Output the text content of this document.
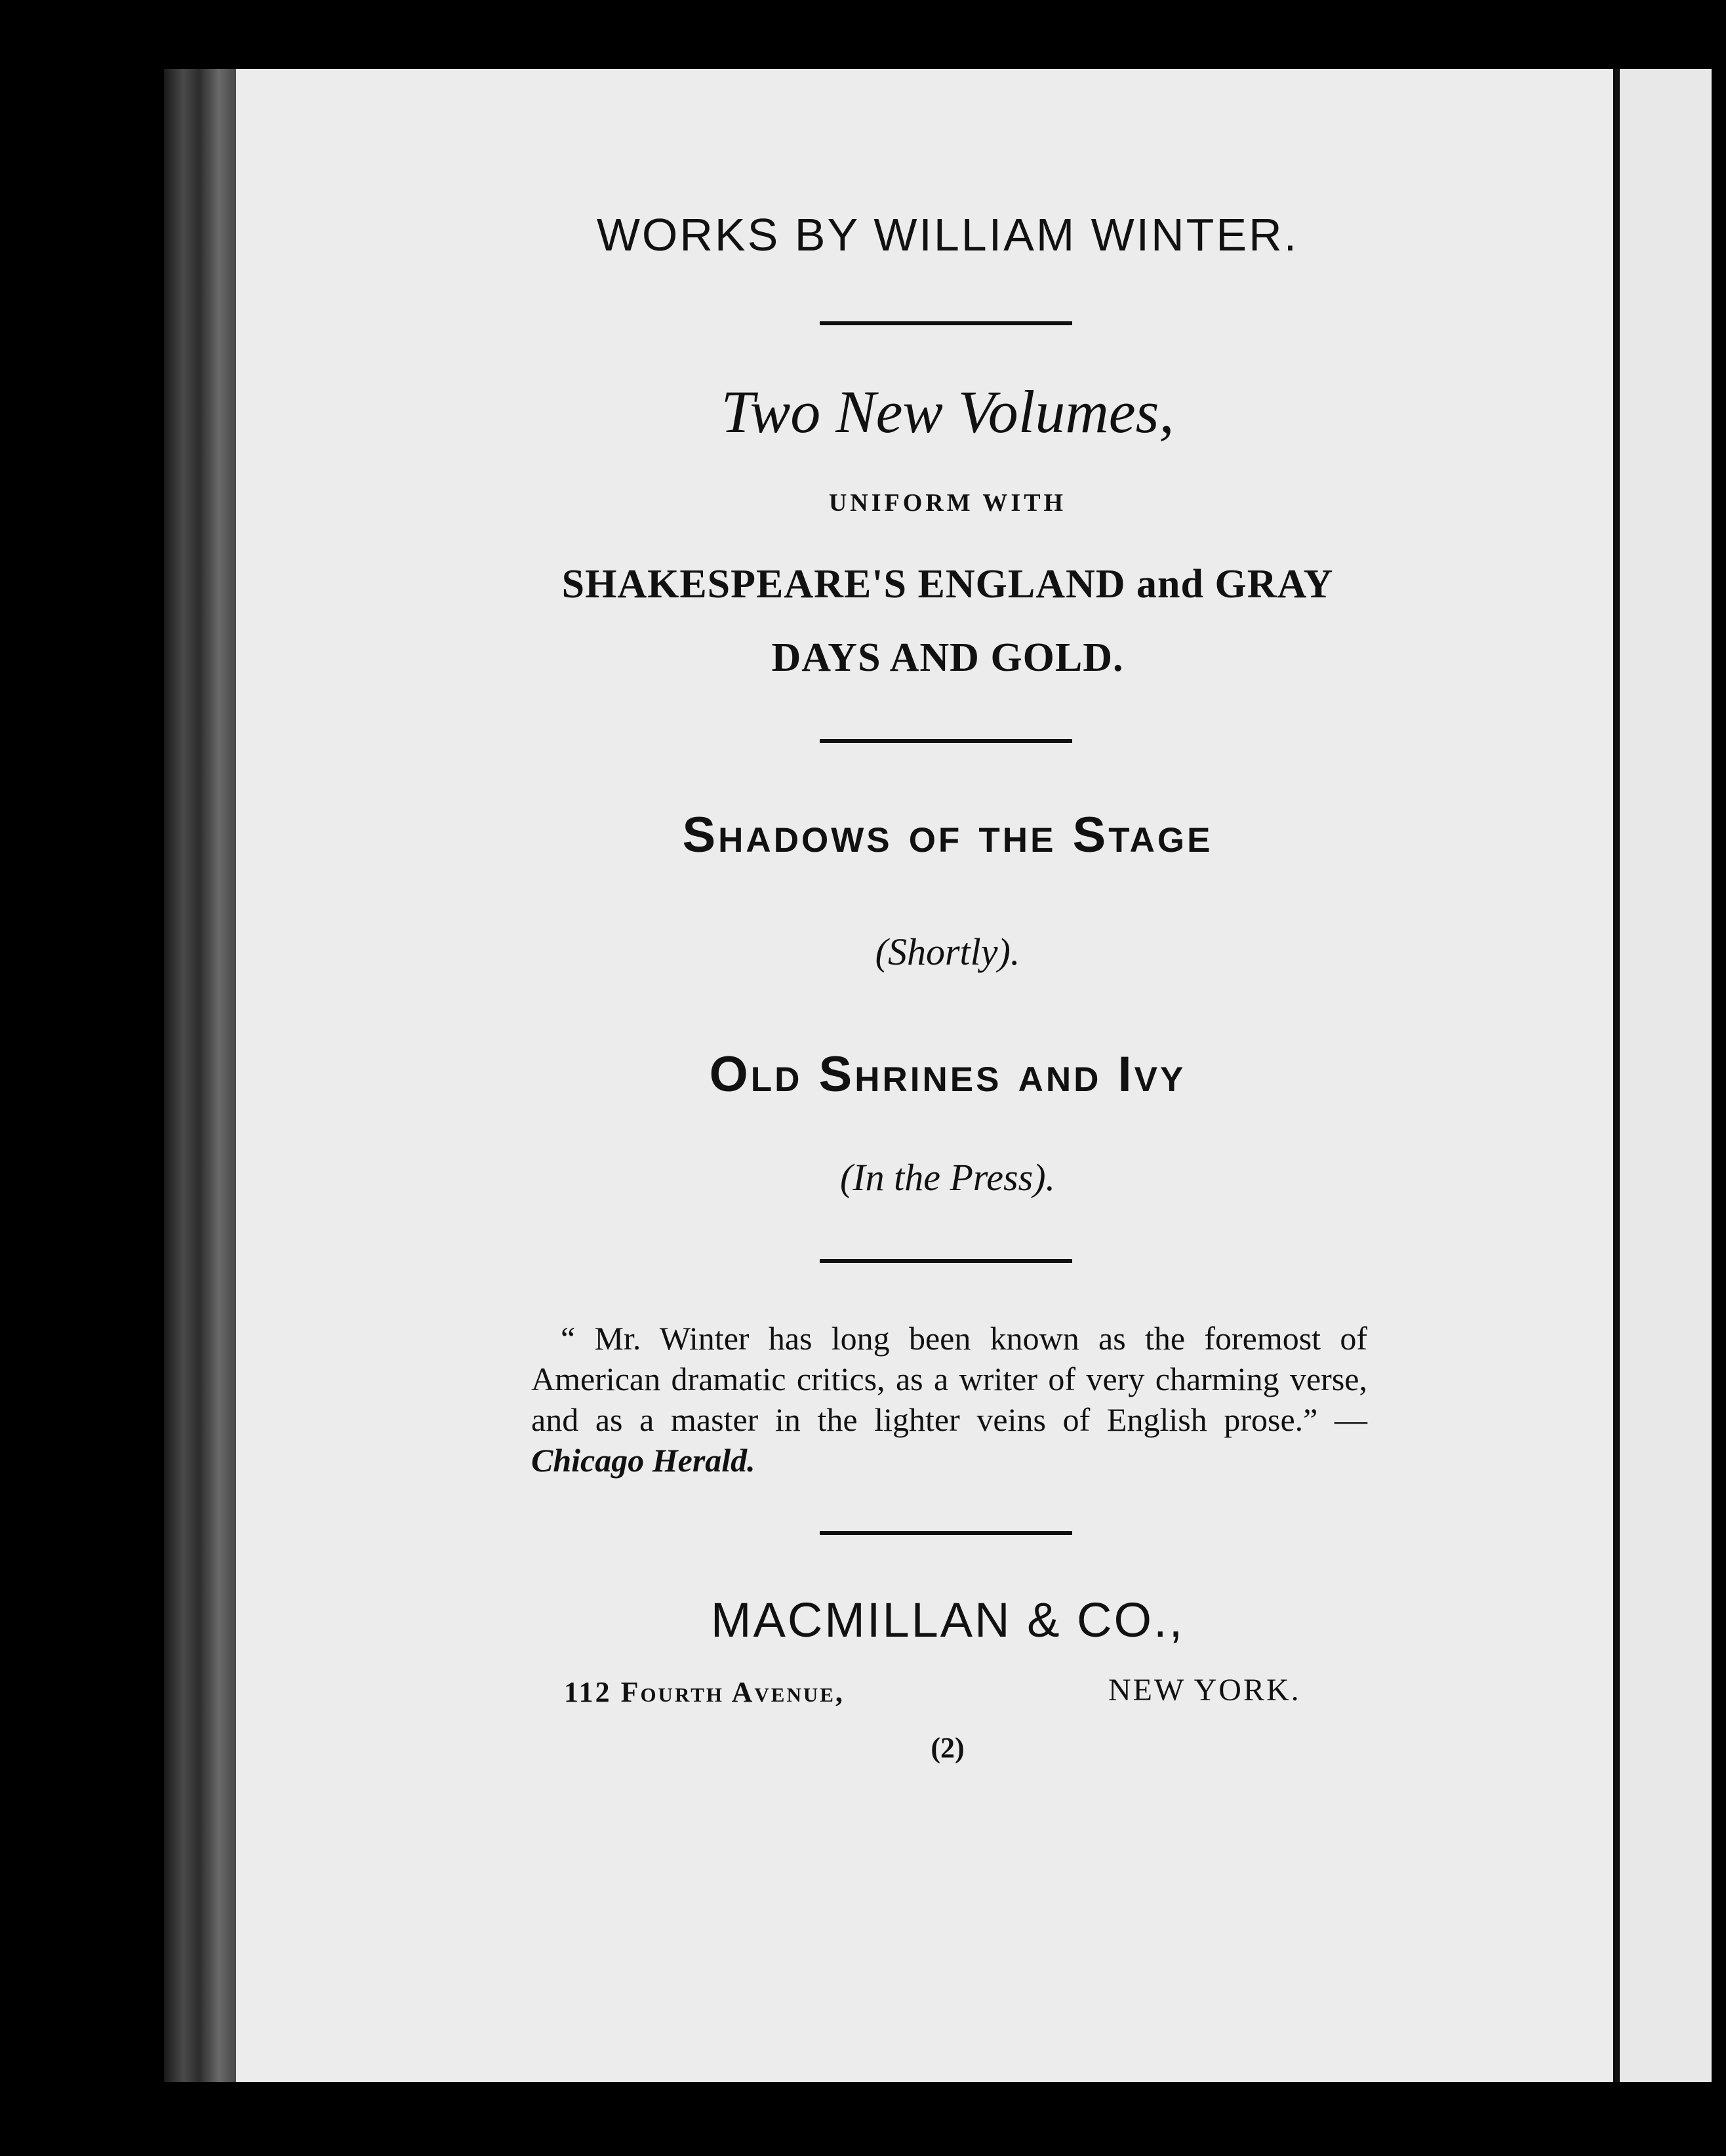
WORKS BY WILLIAM WINTER.
Two New Volumes,
UNIFORM WITH
SHAKESPEARE'S ENGLAND and GRAY DAYS AND GOLD.
Shadows of the Stage
(Shortly).
Old Shrines and Ivy
(In the Press).
“ Mr. Winter has long been known as the foremost of American dramatic critics, as a writer of very charming verse, and as a master in the lighter veins of English prose.” — Chicago Herald.
MACMILLAN & CO.,
112 Fourth Avenue,	NEW YORK.
(2)
